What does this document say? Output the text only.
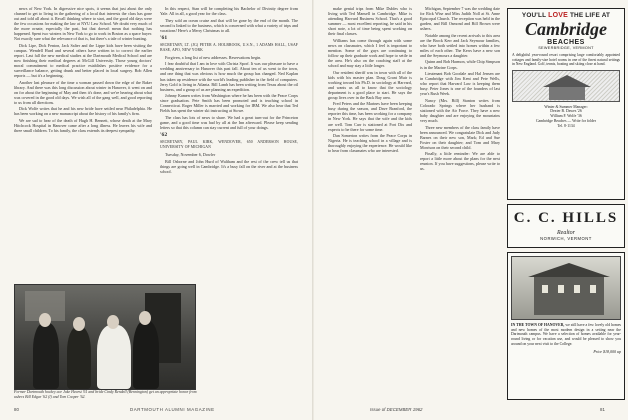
news of New York. In digressive nice spots, it seems that just about the only channel to get to living in the gathering of a local that interests the class has gone out and told all about it. Recall thinking where to start, and the good old days were the few occasions for making the law at NYU Law School. We doubt very much of the more ornate, especially the past, but that doesn't mean that nothing has happened. Spent two winters in New York to go to work in Boston as a space buyer. Not exactly sure what the relevance of that is, but there's a tale of winter hunting.

Dick Lipe, Dick Fenton, Jack Salter and the Lippe kids have been visiting the campus. Wendell Hurd and several others have written in to correct the earlier report. Last fall the new medical studies at the Dartmouth Medical School and are now finishing their medical degrees at McGill University. Those young doctors' moral commitment to medical practice establishes positive evidence for a surveillance balance, getting drunk and better placed in local surgery. Bob Allen reports — but it's a beginning.

Another last pleasure of the time a woman passed down the edge of the Baker library. And there was this long discussion about winter in Hanover, it went on and on for about the beginning of May and then it's done, and we're hearing about what was covered in the good old days. We wish all of the gang well, and good reporting to us from all directions.

Dick Wolfe writes that he and his new bride have settled near Philadelphia. He has been working on a new manuscript about the history of his family's firm.

We are sad to hear of the death of Hugh H. Bennett, whose death at the Mary Hitchcock Hospital in Hanover came after a long illness. He leaves his wife and three small children. To his family, the class extends its deepest sympathy.

In this respect, Stan will be completing his Bachelor of Divinity degree from Yale. All in all, a good year for the class.

They sold an ocean cruise and that will be gone by the end of the month. The second is linked to the business, which is concerned with what a variety of trips and vacations! Here's a Merry Christmas to all.

'61

SECRETARY, LT. (JG) PETER A. HOLBROOK, U.S.N., 1 ADAMS HALL, USAF BASE, APO, NEW YORK

Forgiven, a long list of new addresses. Reservations begin.

I fear doubtful that I am in love with Christa Sporf. It was our pleasure to have a wedding anniversary in Hanover this past fall. About ten of us went to the town, and one thing that was obvious is how much the group has changed. Ned Kaplan has taken up residence with the world's leading publisher in the field of computers. Jerry Gold is living in Atlanta. Bill Lamb has been writing from Texas about the oil business, and a group of us are planning an expedition.

Johnny Kamen writes from Washington where he has been with the Peace Corps since graduation. Pete Smith has been promoted and is teaching school in Connecticut. Roger Miller is married and working for IBM. We also hear that Ted Fields has spent the winter ski instructing at Stowe.

The class has lots of news to share. We had a great turn-out for the Princeton game, and a good time was had by all at the Inn afterward. Please keep sending letters so that this column can stay current and full of your doings.

'62

SECRETARY, PAUL KIRK, WENDOVER, 650 ANDERSON HOUSE, UNIVERSITY OF MICHIGAN

Tuesday, November 6, Dowler

Bill Osborne and John Hurd of Waltham and the rest of the crew tell us that things are going well in Cambridge. It's a busy fall on the river and at the business school.

Former Dartmouth hockey ace Jake Hearst '61 and bride Cindy Rendell (Bennington) get an appropriate honor from ushers Bill Edgar '62 (l) and Tom Cooper '62.
80	DARTMOUTH ALUMNI MAGAZINE

make genial trips from Mike Dubles who is living with Ted Mansell in Cambridge. Mike is attending Harvard Business School. That's a good summer — most excellent reporting, he said in his short note, a lot of time being spent working on their final classes.

Williams has come through again with some news on classmates, which I feel is important to mention. Some of the guys are continuing to follow up their graduate work and hope to settle in the area. He's also on the coaching staff at the school and may stay a little longer.

Our resident sheriff was in town with all of the kids with his master plan. Doug Grant Muir is working toward his Ph.D. in sociology at Harvard, and wants us all to know that the sociology department is a good place to start. He says the group lives over in the Back Bay area.

Fred Peters and the Marines have been keeping busy during the season, and Dave Branford, the reporter this time, has been working for a company in New York. He says that the wife and the kids are well. Tom Carr is stationed at Fort Dix and expects to be there for some time.

Dan Somerton writes from the Peace Corps in Nigeria. He is teaching school in a village and is thoroughly enjoying the experience. He would like to hear from classmates who are interested.

Michigan, September 7 was the wedding date for Rick Wise and Miss Judith Noll at St. Anne Episcopal Church. The reception was held in the garden, and Bill Osmond and Bill Brown were ushers.

Notable among the recent arrivals to this area are the Brock Kerr and Jack Seymour families, who have both settled into homes within a few miles of each other. The Kerrs have a new son and the Seymours a daughter.

Quinn and Bob Harmon, while Chip Simpson is in the Marine Corps.

Lieutenant Bob Goodale and Hal Jensen are in Cambridge with Jim Kent and Pete Wells, who report that Harvard Law is keeping them busy. Peter Jones is one of the founders of last year's Rush Week.

Nancy (Mrs. Bill) Stanton writes from Colorado Springs where her husband is stationed with the Air Force. They have a new baby daughter and are enjoying the mountains very much.

Three new members of the class family have been announced. We congratulate Dick and Judy Barnes on their new son, Mark; Ed and Sue Foster on their daughter; and Tom and Mary Morrison on their second child.

Finally, a little reminder: We are able to report a little more about the plans for the next reunion. If you have suggestions, please write to us.

Issue of DECEMBER 1962	81
YOU'LL LOVE THE LIFE AT
Cambridge
BEACHES
SEWERBRIDGE, VERMONT
A delightful year-round resort comprising large comfortably appointed cottages and family-size hotel rooms in one of the finest natural settings in New England. Golf, tennis, boating and skiing close at hand.
Winter & Summer Manager:
Dexter B. Dawes '26
William F. Wolfe '36
Cambridge Beaches — Write for folder
Tel. 8-1134
C. C. HILLS
Realtor
NORWICH, VERMONT
IN THE TOWN OF HANOVER, we still have a few lovely old homes and new homes of the most modern design in a setting near the Dartmouth campus. We have a selection of homes available for year-round living or for vacation use, and would be pleased to show you around on your next visit to the College.
Price $18,000 up
